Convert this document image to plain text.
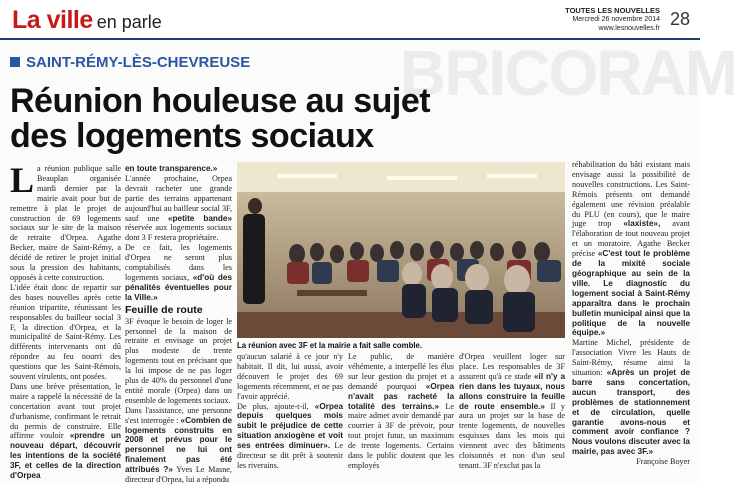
La ville en parle
TOUTES LES NOUVELLES
Mercredi 26 novembre 2014
www.lesnouvelles.fr 28
BRICORAM
SAINT-RÉMY-LÈS-CHEVREUSE
Réunion houleuse au sujet
des logements sociaux

La réunion publique salle Beauplan organisée mardi dernier par la mairie avait pour but de remettre à plat le projet de construction de 69 logements sociaux sur le site de la maison de retraite d'Orpea. Agathe Becker, maire de Saint-Rémy, a décidé de retirer le projet initial sous la pression des habitants, opposés à cette construction.

L'idée était donc de repartir sur des bases nouvelles après cette réunion tripartite, réunissant les responsables du bailleur social 3 F, la direction d'Orpea, et la municipalité de Saint-Rémy. Les différents intervenants ont dû répondre au feu nourri des questions que les Saint-Rémois, souvent virulents, ont posées.

Dans une brève présentation, le maire a rappelé la nécessité de la concertation avant tout projet d'urbanisme, confirmant le retrait du permis de construire. Elle affirme vouloir «prendre un nouveau départ, découvrir les intentions de la société 3F, et celles de la direction d'Orpea

en toute transparence.»

L'année prochaine, Orpea devrait racheter une grande partie des terrains appartenant aujourd'hui au bailleur social 3F, sauf une «petite bande» réservée aux logements sociaux dont 3 F restera propriétaire.

De ce fait, les logements d'Orpea ne seront plus comptabilisés dans les logements sociaux, «d'où des pénalités éventuelles pour la Ville.»

Feuille de route

3F évoque le besoin de loger le personnel de la maison de retraite et envisage un projet plus modeste de trente logements tout en précisant que la loi impose de ne pas loger plus de 40% du personnel d'une entité morale (Orpea) dans un ensemble de logements sociaux.

Dans l'assistance, une personne s'est interrogée : «Combien de logements construits en 2008 et prévus pour le personnel ne lui ont finalement pas été attribués ?» Yves Le Masne, directeur d'Orpea, lui a répondu

La réunion avec 3F et la mairie a fait salle comble.

qu'aucun salarié à ce jour n'y habitait. Il dit, lui aussi, avoir découvert le projet des 69 logements récemment, et ne pas l'avoir apprécié.

De plus, ajoute-t-il, «Orpea depuis quelques mois subit le préjudice de cette situation anxiogène et voit ses entrées diminuer». Le directeur se dit prêt à soutenir les riverains.

Le public, de manière véhémente, a interpellé les élus sur leur gestion du projet et a demandé pourquoi «Orpea n'avait pas racheté la totalité des terrains.» Le maire admet avoir demandé par courrier à 3F de prévoir, pour tout projet futur, un maximum de trente logements. Certains dans le public doutent que les employés

d'Orpea veuillent loger sur place. Les responsables de 3F assurent qu'à ce stade «il n'y a rien dans les tuyaux, nous allons construire la feuille de route ensemble.» Il y aura un projet sur la base de trente logements, de nouvelles esquisses dans les mois qui viennent avec des bâtiments cloisonnés et non d'un seul tenant. 3F n'exclut pas la

réhabilitation du bâti existant mais envisage aussi la possibilité de nouvelles constructions. Les Saint-Rémois présents ont demandé également une révision préalable du PLU (en cours), que le maire juge trop «laxiste», avant l'élaboration de tout nouveau projet et un moratoire. Agathe Becker précise «C'est tout le problème de la mixité sociale géographique au sein de la ville. Le diagnostic du logement social à Saint-Rémy apparaîtra dans le prochain bulletin municipal ainsi que la politique de la nouvelle équipe.»

Martine Michel, présidente de l'association Vivre les Hauts de Saint-Rémy, résume ainsi la situation: «Après un projet de barre sans concertation, aucun transport, des problèmes de stationnement et de circulation, quelle garantie avons-nous et comment avoir confiance ? Nous voulons discuter avec la mairie, pas avec 3F.»

Françoise Boyer
